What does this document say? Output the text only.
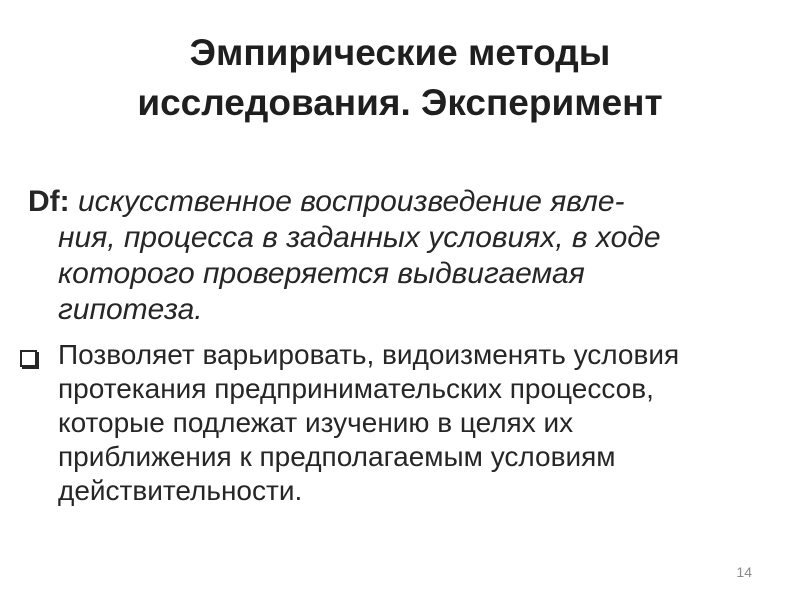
Эмпирические методы
исследования. Эксперимент
Df: искусственное воспроизведение явле-
ния, процесса в заданных условиях, в ходе
которого проверяется выдвигаемая
гипотеза.
Позволяет варьировать, видоизменять условия
протекания предпринимательских процессов,
которые подлежат изучению в целях их
приближения к предполагаемым условиям
действительности.
14
